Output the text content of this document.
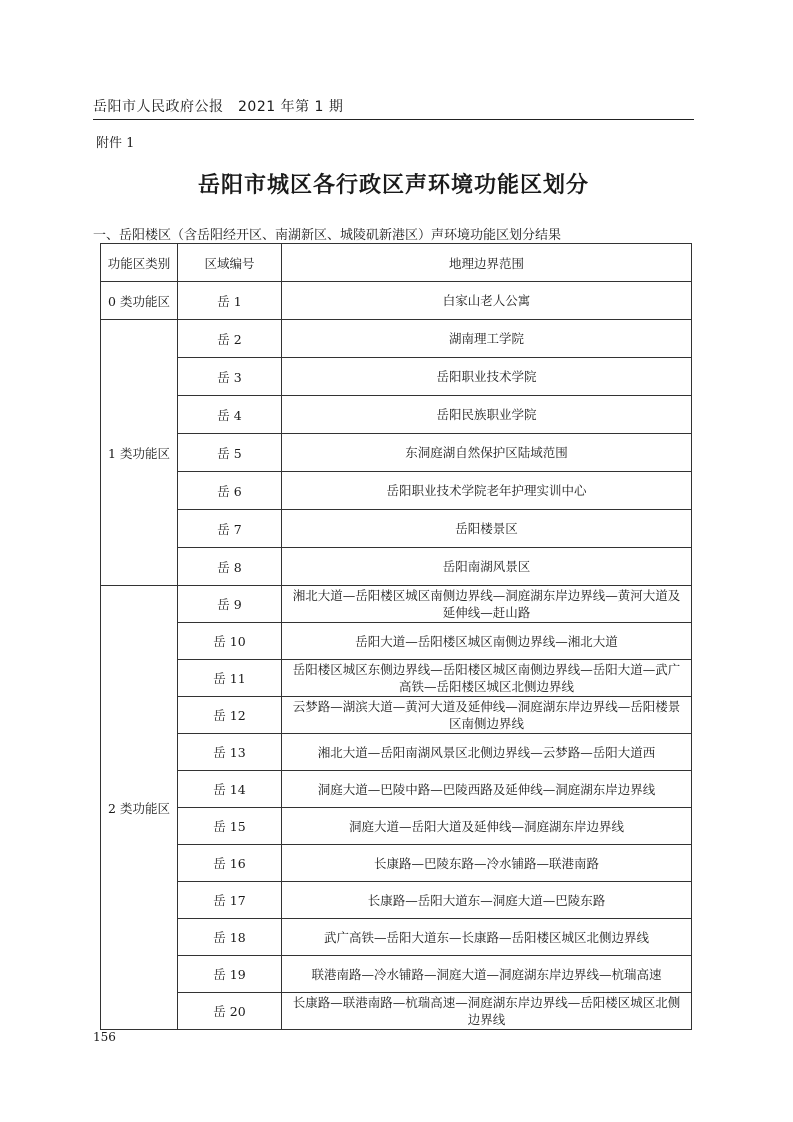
岳阳市人民政府公报　2021 年第 1 期
附件 1
岳阳市城区各行政区声环境功能区划分
一、岳阳楼区（含岳阳经开区、南湖新区、城陵矶新港区）声环境功能区划分结果
功能区类别	区域编号	地理边界范围
0 类功能区	岳 1	白家山老人公寓
1 类功能区	岳 2	湖南理工学院
	岳 3	岳阳职业技术学院
	岳 4	岳阳民族职业学院
	岳 5	东洞庭湖自然保护区陆域范围
	岳 6	岳阳职业技术学院老年护理实训中心
	岳 7	岳阳楼景区
	岳 8	岳阳南湖风景区
2 类功能区	岳 9	湘北大道—岳阳楼区城区南侧边界线—洞庭湖东岸边界线—黄河大道及延伸线—赶山路
	岳 10	岳阳大道—岳阳楼区城区南侧边界线—湘北大道
	岳 11	岳阳楼区城区东侧边界线—岳阳楼区城区南侧边界线—岳阳大道—武广高铁—岳阳楼区城区北侧边界线
	岳 12	云梦路—湖滨大道—黄河大道及延伸线—洞庭湖东岸边界线—岳阳楼景区南侧边界线
	岳 13	湘北大道—岳阳南湖风景区北侧边界线—云梦路—岳阳大道西
	岳 14	洞庭大道—巴陵中路—巴陵西路及延伸线—洞庭湖东岸边界线
	岳 15	洞庭大道—岳阳大道及延伸线—洞庭湖东岸边界线
	岳 16	长康路—巴陵东路—冷水铺路—联港南路
	岳 17	长康路—岳阳大道东—洞庭大道—巴陵东路
	岳 18	武广高铁—岳阳大道东—长康路—岳阳楼区城区北侧边界线
	岳 19	联港南路—冷水铺路—洞庭大道—洞庭湖东岸边界线—杭瑞高速
	岳 20	长康路—联港南路—杭瑞高速—洞庭湖东岸边界线—岳阳楼区城区北侧边界线
156
